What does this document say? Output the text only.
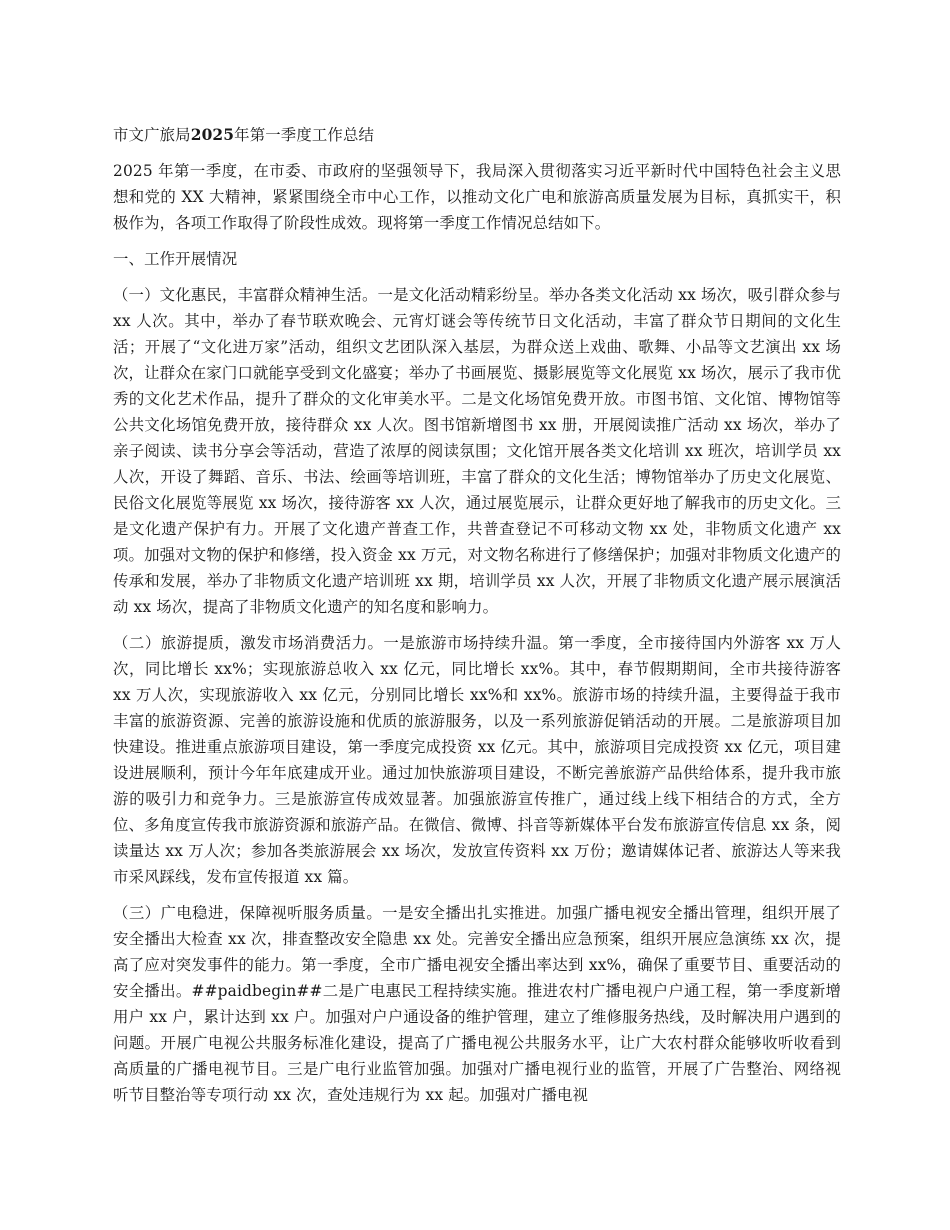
市文广旅局2025年第一季度工作总结

2025 年第一季度，在市委、市政府的坚强领导下，我局深入贯彻落实习近平新时代中国特色社会主义思想和党的 XX 大精神，紧紧围绕全市中心工作，以推动文化广电和旅游高质量发展为目标，真抓实干，积极作为，各项工作取得了阶段性成效。现将第一季度工作情况总结如下。

一、工作开展情况

（一）文化惠民，丰富群众精神生活。一是文化活动精彩纷呈。举办各类文化活动 xx 场次，吸引群众参与 xx 人次。其中，举办了春节联欢晚会、元宵灯谜会等传统节日文化活动，丰富了群众节日期间的文化生活；开展了“文化进万家”活动，组织文艺团队深入基层，为群众送上戏曲、歌舞、小品等文艺演出 xx 场次，让群众在家门口就能享受到文化盛宴；举办了书画展览、摄影展览等文化展览 xx 场次，展示了我市优秀的文化艺术作品，提升了群众的文化审美水平。二是文化场馆免费开放。市图书馆、文化馆、博物馆等公共文化场馆免费开放，接待群众 xx 人次。图书馆新增图书 xx 册，开展阅读推广活动 xx 场次，举办了亲子阅读、读书分享会等活动，营造了浓厚的阅读氛围；文化馆开展各类文化培训 xx 班次，培训学员 xx 人次，开设了舞蹈、音乐、书法、绘画等培训班，丰富了群众的文化生活；博物馆举办了历史文化展览、民俗文化展览等展览 xx 场次，接待游客 xx 人次，通过展览展示，让群众更好地了解我市的历史文化。三是文化遗产保护有力。开展了文化遗产普查工作，共普查登记不可移动文物 xx 处，非物质文化遗产 xx 项。加强对文物的保护和修缮，投入资金 xx 万元，对文物名称进行了修缮保护；加强对非物质文化遗产的传承和发展，举办了非物质文化遗产培训班 xx 期，培训学员 xx 人次，开展了非物质文化遗产展示展演活动 xx 场次，提高了非物质文化遗产的知名度和影响力。

（二）旅游提质，激发市场消费活力。一是旅游市场持续升温。第一季度，全市接待国内外游客 xx 万人次，同比增长 xx%；实现旅游总收入 xx 亿元，同比增长 xx%。其中，春节假期期间，全市共接待游客 xx 万人次，实现旅游收入 xx 亿元，分别同比增长 xx%和 xx%。旅游市场的持续升温，主要得益于我市丰富的旅游资源、完善的旅游设施和优质的旅游服务，以及一系列旅游促销活动的开展。二是旅游项目加快建设。推进重点旅游项目建设，第一季度完成投资 xx 亿元。其中，旅游项目完成投资 xx 亿元，项目建设进展顺利，预计今年年底建成开业。通过加快旅游项目建设，不断完善旅游产品供给体系，提升我市旅游的吸引力和竞争力。三是旅游宣传成效显著。加强旅游宣传推广，通过线上线下相结合的方式，全方位、多角度宣传我市旅游资源和旅游产品。在微信、微博、抖音等新媒体平台发布旅游宣传信息 xx 条，阅读量达 xx 万人次；参加各类旅游展会 xx 场次，发放宣传资料 xx 万份；邀请媒体记者、旅游达人等来我市采风踩线，发布宣传报道 xx 篇。

（三）广电稳进，保障视听服务质量。一是安全播出扎实推进。加强广播电视安全播出管理，组织开展了安全播出大检查 xx 次，排查整改安全隐患 xx 处。完善安全播出应急预案，组织开展应急演练 xx 次，提高了应对突发事件的能力。第一季度，全市广播电视安全播出率达到 xx%，确保了重要节目、重要活动的安全播出。##paidbegin##二是广电惠民工程持续实施。推进农村广播电视户户通工程，第一季度新增用户 xx 户，累计达到 xx 户。加强对户户通设备的维护管理，建立了维修服务热线，及时解决用户遇到的问题。开展广电视公共服务标准化建设，提高了广播电视公共服务水平，让广大农村群众能够收听收看到高质量的广播电视节目。三是广电行业监管加强。加强对广播电视行业的监管，开展了广告整治、网络视听节目整治等专项行动 xx 次，查处违规行为 xx 起。加强对广播电视
